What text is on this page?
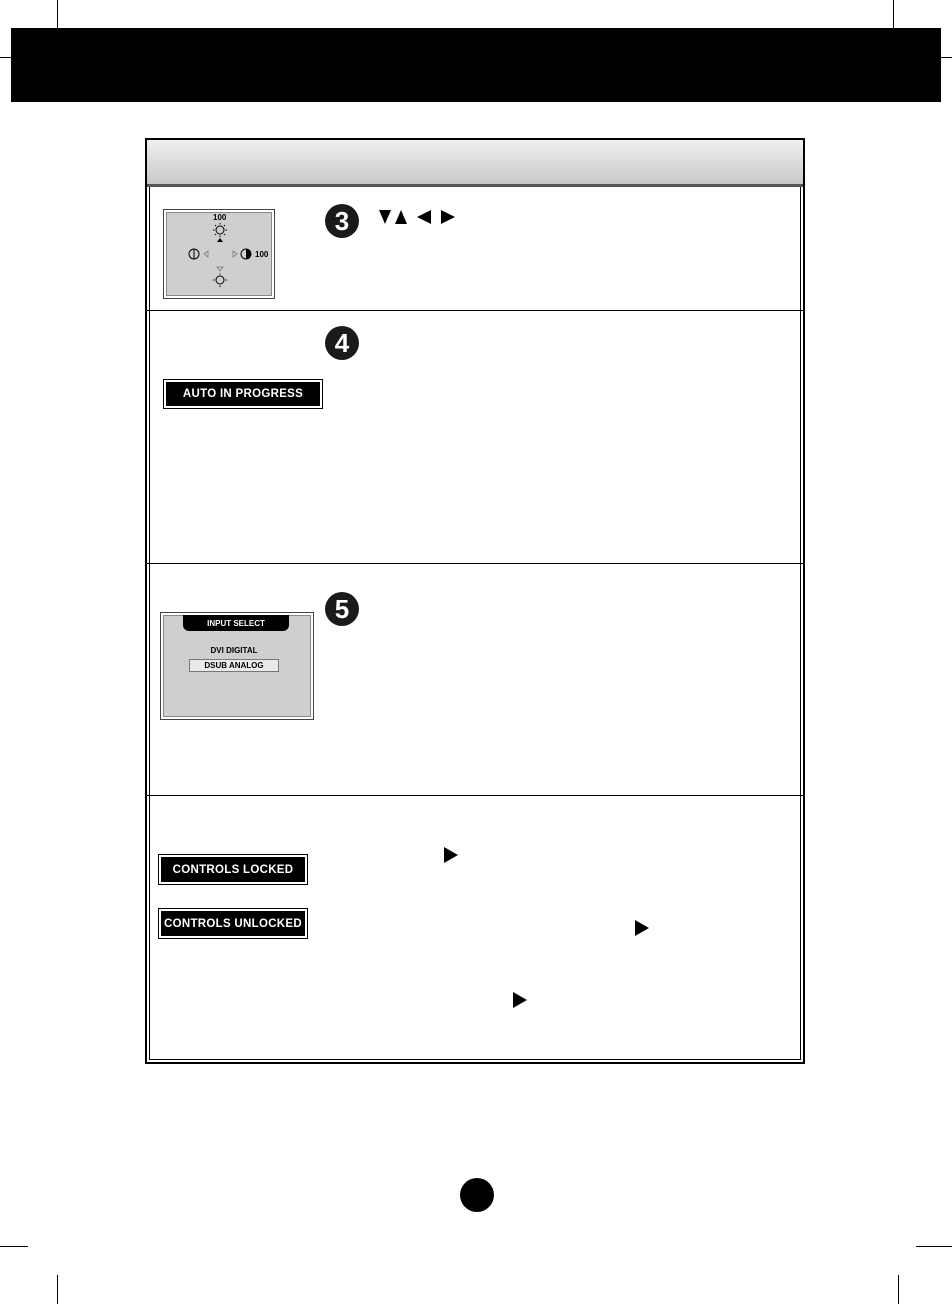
100
100
3
4
AUTO IN PROGRESS
5
INPUT SELECT
DVI DIGITAL
DSUB ANALOG
CONTROLS LOCKED
CONTROLS UNLOCKED
